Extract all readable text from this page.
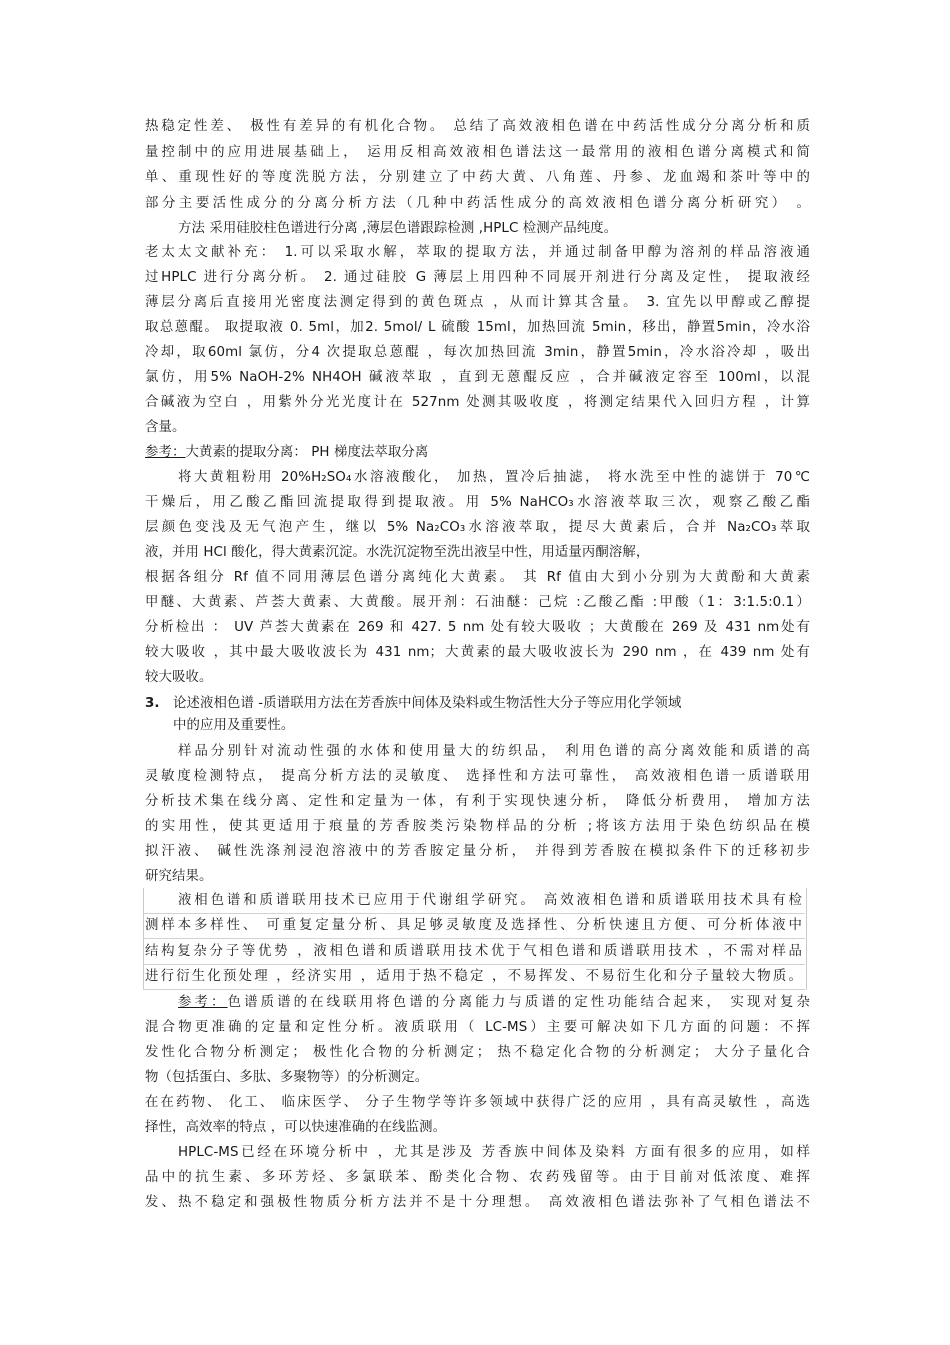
热稳定性差、 极性有差异的有机化合物。 总结了高效液相色谱在中药活性成分分离分析和质
量控制中的应用进展基础上， 运用反相高效液相色谱法这一最常用的液相色谱分离模式和简
单、重现性好的等度洗脱方法，分别建立了中药大黄、八角莲、丹参、龙血竭和茶叶等中的
部分主要活性成分的分离分析方法（几种中药活性成分的高效液相色谱分离分析研究） 。
方法 采用硅胶柱色谱进行分离 ,薄层色谱跟踪检测 ,HPLC 检测产品纯度。
老太太文献补充： 1.可以采取水解，萃取的提取方法，并通过制备甲醇为溶剂的样品溶液通
过HPLC 进行分离分析。 2. 通过硅胶 G 薄层上用四种不同展开剂进行分离及定性， 提取液经
薄层分离后直接用光密度法测定得到的黄色斑点 ，从而计算其含量。 3. 宜先以甲醇或乙醇提
取总蒽醌。 取提取液 0. 5ml，加2. 5mol/ L 硫酸 15ml，加热回流 5min，移出，静置5min，冷水浴
冷却，取60ml 氯仿，分4 次提取总蒽醌 ，每次加热回流 3min，静置5min，冷水浴冷却 ，吸出
氯仿，用5% NaOH-2% NH4OH 碱液萃取 ，直到无蒽醌反应 ，合并碱液定容至 100ml，以混
合碱液为空白 ，用紫外分光光度计在 527nm 处测其吸收度 ，将测定结果代入回归方程 ，计算
含量。
参考：大黄素的提取分离： PH 梯度法萃取分离
将大黄粗粉用 20%H₂SO₄水溶液酸化， 加热，置冷后抽滤， 将水洗至中性的滤饼于 70℃
干燥后，用乙酸乙酯回流提取得到提取液。用 5% NaHCO₃水溶液萃取三次，观察乙酸乙酯
层颜色变浅及无气泡产生，继以 5% Na₂CO₃水溶液萃取，提尽大黄素后，合并 Na₂CO₃萃取
液，并用 HCl 酸化，得大黄素沉淀。水洗沉淀物至洗出液呈中性，用适量丙酮溶解，
根据各组分 Rf 值不同用薄层色谱分离纯化大黄素。 其 Rf 值由大到小分别为大黄酚和大黄素
甲醚、大黄素、芦荟大黄素、大黄酸。展开剂：石油醚：己烷 :乙酸乙酯 :甲酸（1：3:1.5:0.1）
分析检出 ： UV 芦荟大黄素在 269 和 427. 5 nm 处有较大吸收 ；大黄酸在 269 及 431 nm处有
较大吸收 ，其中最大吸收波长为 431 nm；大黄素的最大吸收波长为 290 nm ，在 439 nm 处有
较大吸收。
3. 论述液相色谱 -质谱联用方法在芳香族中间体及染料或生物活性大分子等应用化学领域
中的应用及重要性。
样品分别针对流动性强的水体和使用量大的纺织品， 利用色谱的高分离效能和质谱的高
灵敏度检测特点， 提高分析方法的灵敏度、 选择性和方法可靠性， 高效液相色谱一质谱联用
分析技术集在线分离、定性和定量为一体，有利于实现快速分析， 降低分析费用， 增加方法
的实用性，使其更适用于痕量的芳香胺类污染物样品的分析 ;将该方法用于染色纺织品在模
拟汗液、 碱性洗涤剂浸泡溶液中的芳香胺定量分析， 并得到芳香胺在模拟条件下的迁移初步
研究结果。
液相色谱和质谱联用技术已应用于代谢组学研究。 高效液相色谱和质谱联用技术具有检
测样本多样性、 可重复定量分析、具足够灵敏度及选择性、分析快速且方便、可分析体液中
结构复杂分子等优势 ，液相色谱和质谱联用技术优于气相色谱和质谱联用技术 ，不需对样品
进行衍生化预处理 ，经济实用 ，适用于热不稳定 ，不易挥发、不易衍生化和分子量较大物质。
参考：色谱质谱的在线联用将色谱的分离能力与质谱的定性功能结合起来， 实现对复杂
混合物更准确的定量和定性分析。液质联用（ LC-MS）主要可解决如下几方面的问题：不挥
发性化合物分析测定； 极性化合物的分析测定； 热不稳定化合物的分析测定； 大分子量化合
物（包括蛋白、多肽、多聚物等）的分析测定。
在在药物、 化工、 临床医学、 分子生物学等许多领域中获得广泛的应用 ，具有高灵敏性 ，高选
择性，高效率的特点 ，可以快速准确的在线监测。
HPLC-MS已经在环境分析中 ，尤其是涉及 芳香族中间体及染料 方面有很多的应用，如样
品中的抗生素、多环芳烃、多氯联苯、酚类化合物、农药残留等。由于目前对低浓度、难挥
发、热不稳定和强极性物质分析方法并不是十分理想。 高效液相色谱法弥补了气相色谱法不
